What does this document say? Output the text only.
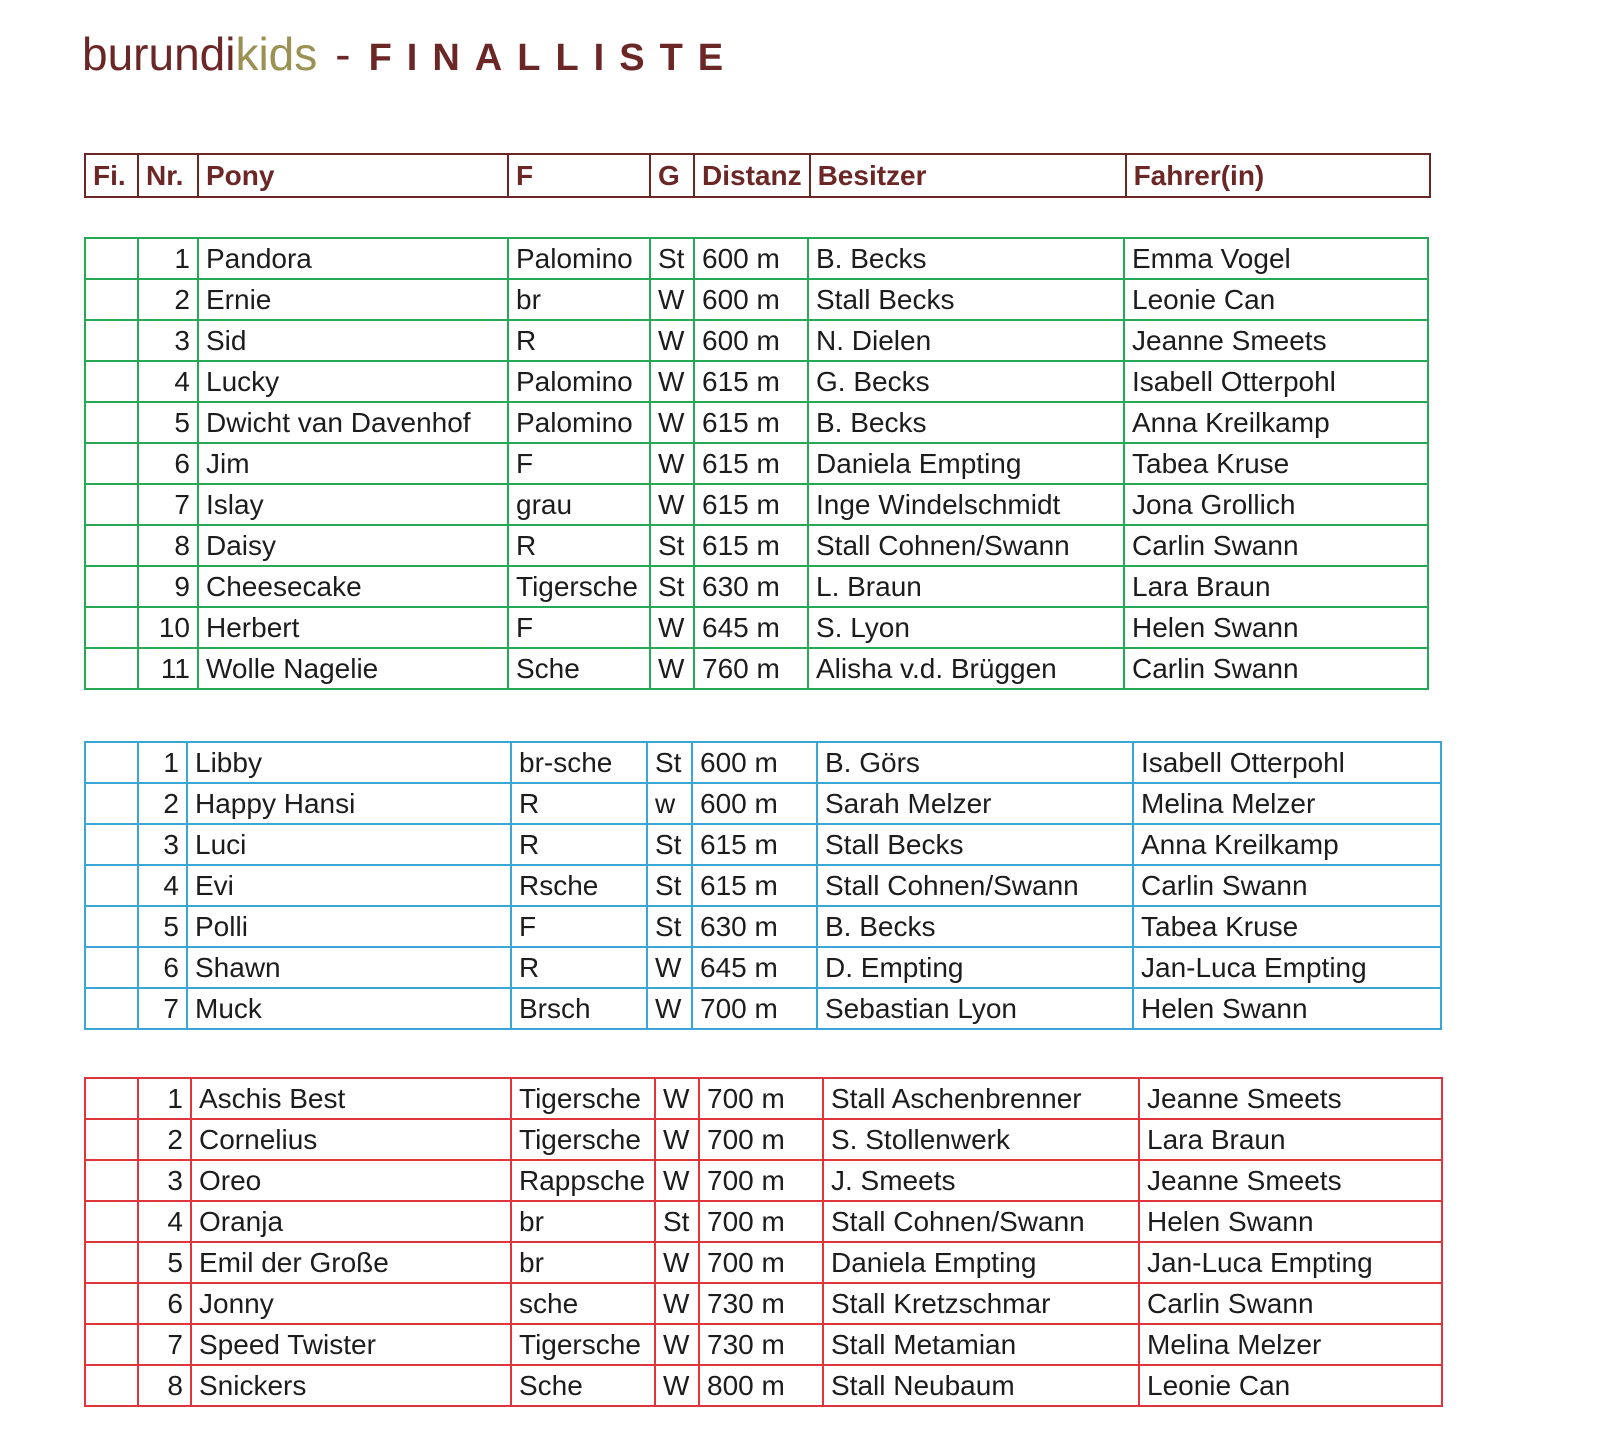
burundikids - FINALLISTE
Fi.	Nr.	Pony	F	G	Distanz	Besitzer	Fahrer(in)
	1	Pandora	Palomino	St	600 m	B. Becks	Emma Vogel
	2	Ernie	br	W	600 m	Stall Becks	Leonie Can
	3	Sid	R	W	600 m	N. Dielen	Jeanne Smeets
	4	Lucky	Palomino	W	615 m	G. Becks	Isabell Otterpohl
	5	Dwicht van Davenhof	Palomino	W	615 m	B. Becks	Anna Kreilkamp
	6	Jim	F	W	615 m	Daniela Empting	Tabea Kruse
	7	Islay	grau	W	615 m	Inge Windelschmidt	Jona Grollich
	8	Daisy	R	St	615 m	Stall Cohnen/Swann	Carlin Swann
	9	Cheesecake	Tigersche	St	630 m	L. Braun	Lara Braun
	10	Herbert	F	W	645 m	S. Lyon	Helen Swann
	11	Wolle Nagelie	Sche	W	760 m	Alisha v.d. Brüggen	Carlin Swann
	1	Libby	br-sche	St	600 m	B. Görs	Isabell Otterpohl
	2	Happy Hansi	R	w	600 m	Sarah Melzer	Melina Melzer
	3	Luci	R	St	615 m	Stall Becks	Anna Kreilkamp
	4	Evi	Rsche	St	615 m	Stall Cohnen/Swann	Carlin Swann
	5	Polli	F	St	630 m	B. Becks	Tabea Kruse
	6	Shawn	R	W	645 m	D. Empting	Jan-Luca Empting
	7	Muck	Brsch	W	700 m	Sebastian Lyon	Helen Swann
	1	Aschis Best	Tigersche	W	700 m	Stall Aschenbrenner	Jeanne Smeets
	2	Cornelius	Tigersche	W	700 m	S. Stollenwerk	Lara Braun
	3	Oreo	Rappsche	W	700 m	J. Smeets	Jeanne Smeets
	4	Oranja	br	St	700 m	Stall Cohnen/Swann	Helen Swann
	5	Emil der Große	br	W	700 m	Daniela Empting	Jan-Luca Empting
	6	Jonny	sche	W	730 m	Stall Kretzschmar	Carlin Swann
	7	Speed Twister	Tigersche	W	730 m	Stall Metamian	Melina Melzer
	8	Snickers	Sche	W	800 m	Stall Neubaum	Leonie Can
